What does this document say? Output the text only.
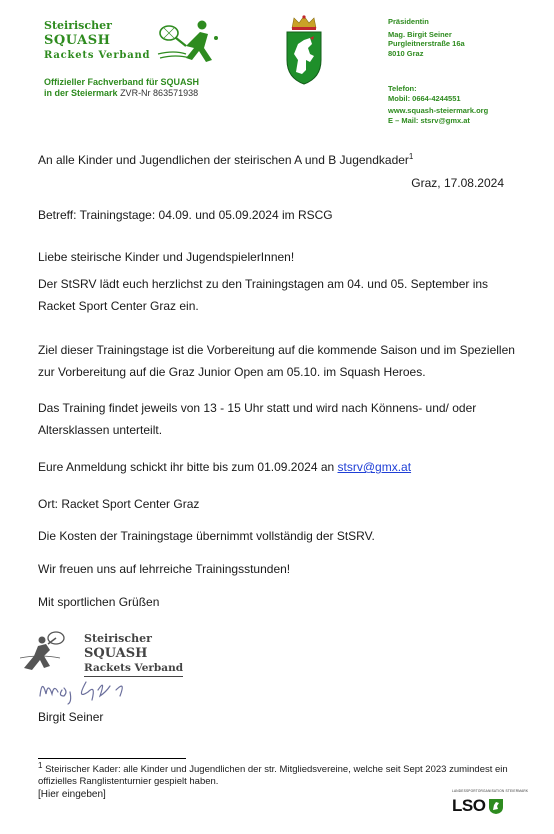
Steirischer
SQUASH
Rackets Verband
Offizieller Fachverband für SQUASH
in der Steiermark ZVR-Nr 863571938
Präsidentin
Mag. Birgit Seiner
Purgleitnerstraße 16a
8010 Graz
Telefon:
Mobil: 0664-4244551
www.squash-steiermark.org
E – Mail: stsrv@gmx.at
An alle Kinder und Jugendlichen der steirischen A und B Jugendkader$^1$
Graz, 17.08.2024
Betreff: Trainingstage: 04.09. und 05.09.2024 im RSCG
Liebe steirische Kinder und JugendspielerInnen!
Der StSRV lädt euch herzlichst zu den Trainingstagen am 04. und 05. September ins Racket Sport Center Graz ein.
Ziel dieser Trainingstage ist die Vorbereitung auf die kommende Saison und im Speziellen zur Vorbereitung auf die Graz Junior Open am 05.10. im Squash Heroes.
Das Training findet jeweils von 13 - 15 Uhr statt und wird nach Könnens- und/ oder Altersklassen unterteilt.
Eure Anmeldung schickt ihr bitte bis zum 01.09.2024 an stsrv@gmx.at
Ort: Racket Sport Center Graz
Die Kosten der Trainingstage übernimmt vollständig der StSRV.
Wir freuen uns auf lehrreiche Trainingsstunden!
Mit sportlichen Grüßen
Steirischer
SQUASH
Rackets Verband
Birgit Seiner
$^1$ Steirischer Kader: alle Kinder und Jugendlichen der str. Mitgliedsvereine, welche seit Sept 2023 zumindest ein offizielles Ranglistenturnier gespielt haben.
[Hier eingeben]	LANDESSPORTORGANISATION STEIERMARK
LSO
